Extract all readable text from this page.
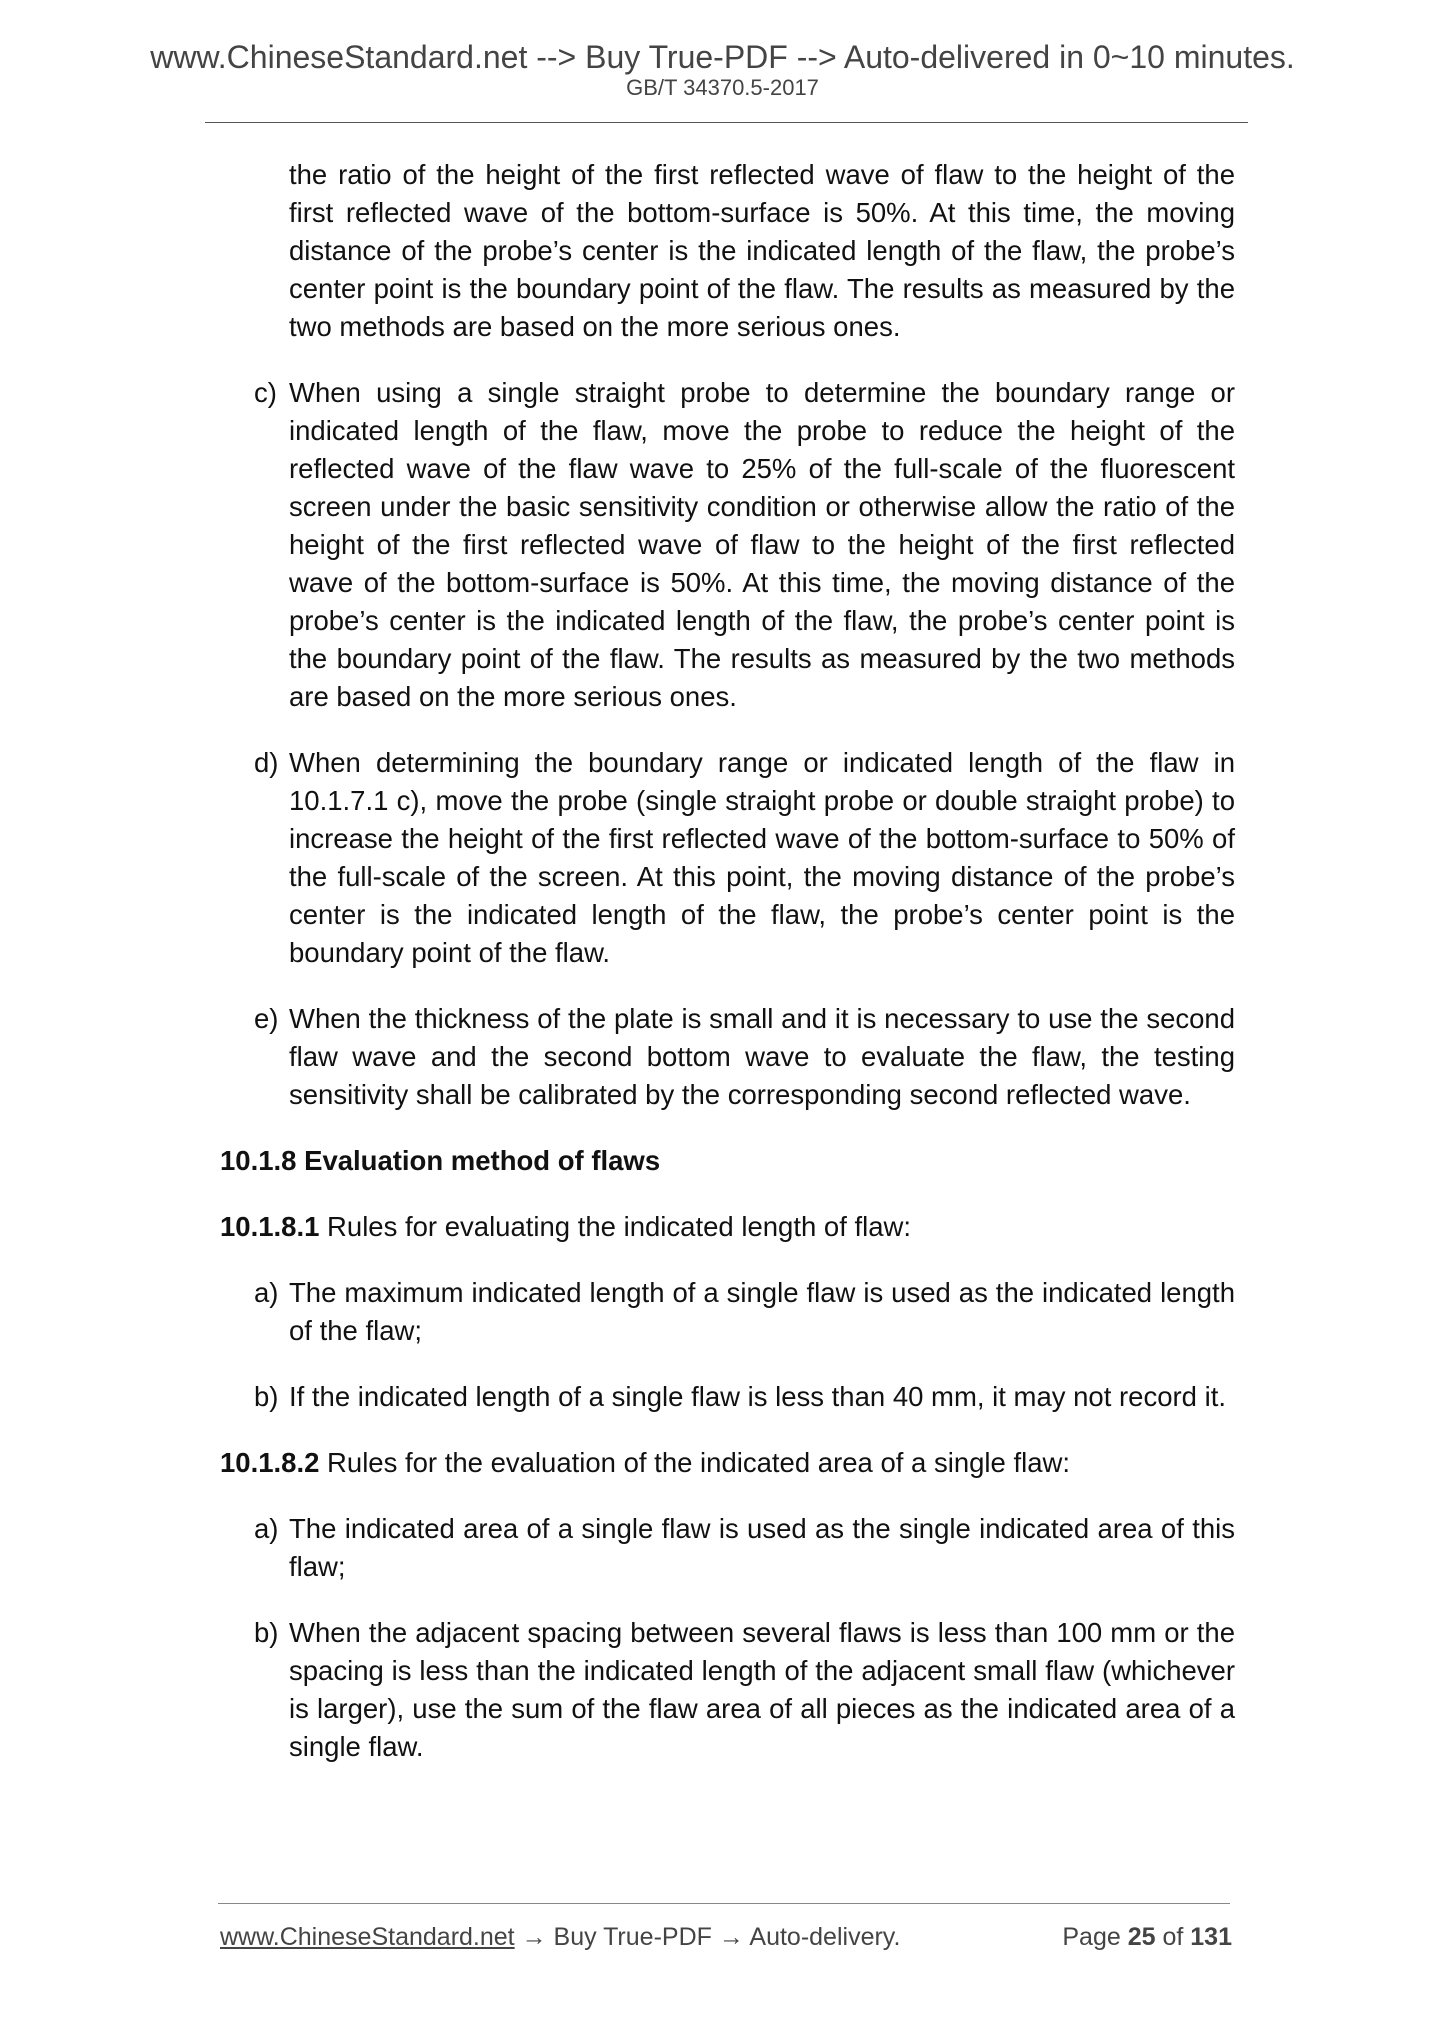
www.ChineseStandard.net --> Buy True-PDF --> Auto-delivered in 0~10 minutes.
GB/T 34370.5-2017

the ratio of the height of the first reflected wave of flaw to the height of the first reflected wave of the bottom-surface is 50%. At this time, the moving distance of the probe’s center is the indicated length of the flaw, the probe’s center point is the boundary point of the flaw. The results as measured by the two methods are based on the more serious ones.

c) When using a single straight probe to determine the boundary range or indicated length of the flaw, move the probe to reduce the height of the reflected wave of the flaw wave to 25% of the full-scale of the fluorescent screen under the basic sensitivity condition or otherwise allow the ratio of the height of the first reflected wave of flaw to the height of the first reflected wave of the bottom-surface is 50%. At this time, the moving distance of the probe’s center is the indicated length of the flaw, the probe’s center point is the boundary point of the flaw. The results as measured by the two methods are based on the more serious ones.
d) When determining the boundary range or indicated length of the flaw in 10.1.7.1 c), move the probe (single straight probe or double straight probe) to increase the height of the first reflected wave of the bottom-surface to 50% of the full-scale of the screen. At this point, the moving distance of the probe’s center is the indicated length of the flaw, the probe’s center point is the boundary point of the flaw.
e) When the thickness of the plate is small and it is necessary to use the second flaw wave and the second bottom wave to evaluate the flaw, the testing sensitivity shall be calibrated by the corresponding second reflected wave.
10.1.8 Evaluation method of flaws
10.1.8.1 Rules for evaluating the indicated length of flaw:
a) The maximum indicated length of a single flaw is used as the indicated length of the flaw;
b) If the indicated length of a single flaw is less than 40 mm, it may not record it.
10.1.8.2 Rules for the evaluation of the indicated area of a single flaw:
a) The indicated area of a single flaw is used as the single indicated area of this flaw;
b) When the adjacent spacing between several flaws is less than 100 mm or the spacing is less than the indicated length of the adjacent small flaw (whichever is larger), use the sum of the flaw area of all pieces as the indicated area of a single flaw.
www.ChineseStandard.net → Buy True-PDF → Auto-delivery.	Page 25 of 131
